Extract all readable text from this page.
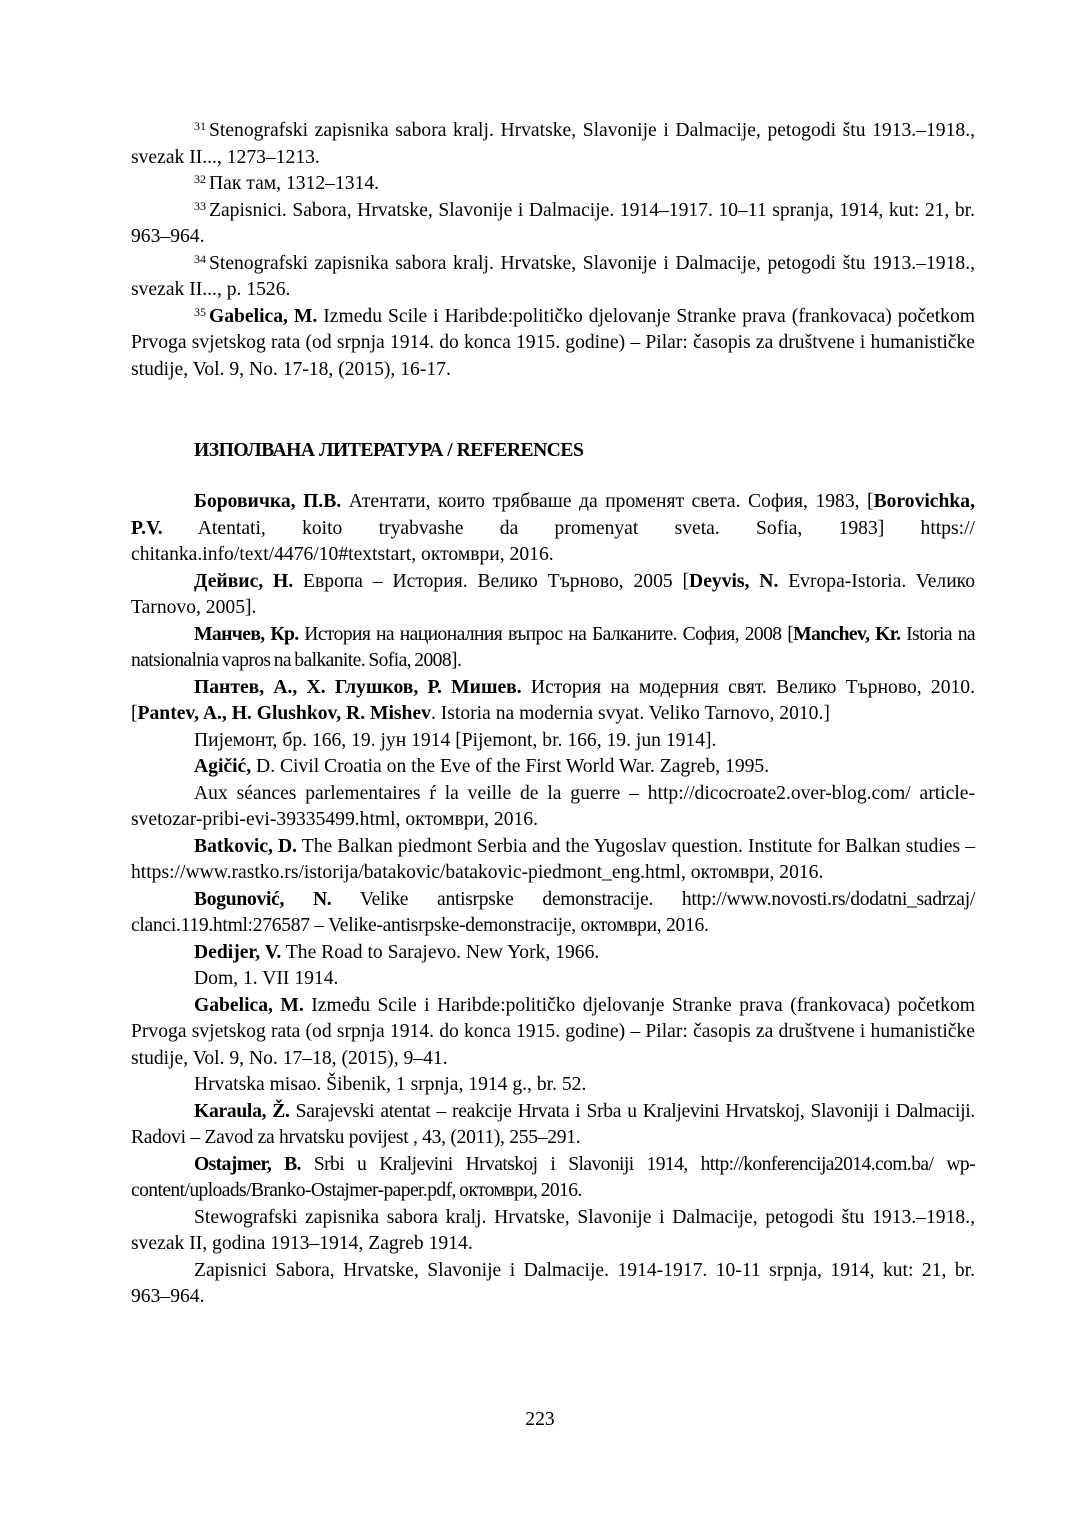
$^{31}$ Stenografski zapisnika sabora kralj. Hrvatske, Slavonije i Dalmacije, petogodi štu 1913.–1918., svezak II..., 1273–1213.

$^{32}$ Пак там, 1312–1314.

$^{33}$ Zapisnici. Sabora, Hrvatske, Slavonije i Dalmacije. 1914–1917. 10–11 spranja, 1914, kut: 21, br. 963–964.

$^{34}$ Stenografski zapisnika sabora kralj. Hrvatske, Slavonije i Dalmacije, petogodi štu 1913.–1918., svezak II..., p. 1526.

$^{35}$ Gabelica, M. Izmedu Scile i Haribde:političko djelovanje Stranke prava (frankovaca) početkom Prvoga svjetskog rata (od srpnja 1914. do konca 1915. godine) – Pilar: časopis za društvene i humanističke studije, Vol. 9, No. 17-18, (2015), 16-17.

ИЗПОЛВАНА ЛИТЕРАТУРА / REFERENCES

Боровичка, П.В. Атентати, които трябваше да променят света. София, 1983, [Borovichka, P.V. Atentati, koito tryabvashe da promenyat sveta. Sofia, 1983] https:// chitanka.info/text/4476/10#textstart, октомври, 2016.

Дейвис, Н. Европа – История. Велико Търново, 2005 [Deyvis, N. Evropa-Istoria. Veлико Tarnovo, 2005].

Манчев, Кр. История на националния въпрос на Балканите. София, 2008 [Manchev, Kr. Istoria na natsionalnia vapros na balkanite. Sofia, 2008].

Пантев, А., Х. Глушков, Р. Мишев. История на модерния свят. Велико Търново, 2010. [Pantev, A., H. Glushkov, R. Mishev. Istoria na modernia svyat. Veliko Tarnovo, 2010.]

Пијемонт, бр. 166, 19. јун 1914 [Pijemont, br. 166, 19. jun 1914].

Agičić, D. Civil Croatia on the Eve of the First World War. Zagreb, 1995.

Aux séances parlementaires ŕ la veille de la guerre – http://dicocroate2.over-blog.com/ article-svetozar-pribi-evi-39335499.html, октомври, 2016.

Batkovic, D. The Balkan piedmont Serbia and the Yugoslav question. Institute for Balkan studies – https://www.rastko.rs/istorija/batakovic/batakovic-piedmont_eng.html, октомври, 2016.

Bogunović, N. Velike antisrpske demonstracije. http://www.novosti.rs/dodatni_sadrzaj/ clanci.119.html:276587 – Velike-antisrpske-demonstracije, октомври, 2016.

Dedijer, V. The Road to Sarajevo. New York, 1966.

Dom, 1. VII 1914.

Gabelica, M. Između Scile i Haribde:političko djelovanje Stranke prava (frankovaca) početkom Prvoga svjetskog rata (od srpnja 1914. do konca 1915. godine) – Pilar: časopis za društvene i humanističke studije, Vol. 9, No. 17–18, (2015), 9–41.

Hrvatska misao. Šibenik, 1 srpnja, 1914 g., br. 52.

Karaula, Ž. Sarajevski atentat – reakcije Hrvata i Srba u Kraljevini Hrvatskoj, Slavoniji i Dalmaciji. Radovi – Zavod za hrvatsku povijest , 43, (2011), 255–291.

Ostajmer, B. Srbi u Kraljevini Hrvatskoj i Slavoniji 1914, http://konferencija2014.com.ba/ wp-content/uploads/Branko-Ostajmer-paper.pdf, октомври, 2016.

Stewografski zapisnika sabora kralj. Hrvatske, Slavonije i Dalmacije, petogodi štu 1913.–1918., svezak II, godina 1913–1914, Zagreb 1914.

Zapisnici Sabora, Hrvatske, Slavonije i Dalmacije. 1914-1917. 10-11 srpnja, 1914, kut: 21, br. 963–964.

223
